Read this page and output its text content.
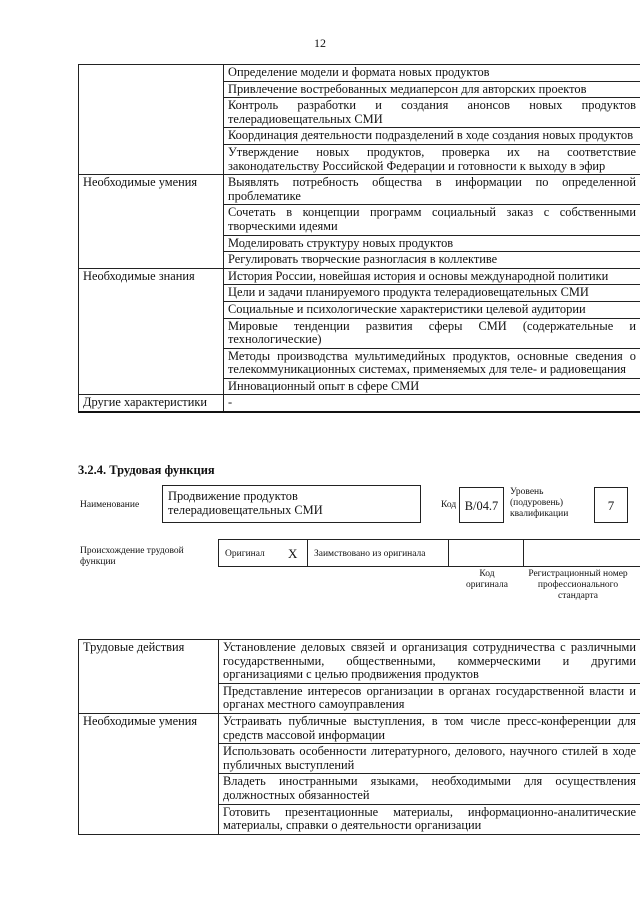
12
	Определение модели и формата новых продуктов
	Привлечение востребованных медиаперсон для авторских проектов
	Контроль разработки и создания анонсов новых продуктов телерадиовещательных СМИ
	Координация деятельности подразделений в ходе создания новых продуктов
	Утверждение новых продуктов, проверка их на соответствие законодательству Российской Федерации и готовности к выходу в эфир
Необходимые умения	Выявлять потребность общества в информации по определенной проблематике
	Сочетать в концепции программ социальный заказ с собственными творческими идеями
	Моделировать структуру новых продуктов
	Регулировать творческие разногласия в коллективе
Необходимые знания	История России, новейшая история и основы международной политики
	Цели и задачи планируемого продукта телерадиовещательных СМИ
	Социальные и психологические характеристики целевой аудитории
	Мировые тенденции развития сферы СМИ (содержательные и технологические)
	Методы производства мультимедийных продуктов, основные сведения о телекоммуникационных системах, применяемых для теле- и радиовещания
	Инновационный опыт в сфере СМИ
Другие характеристики	-
3.2.4. Трудовая функция
Наименование
Продвижение продуктов телерадиовещательных СМИ	Код B/04.7
Уровень (подуровень) квалификации
7
Происхождение трудовой функции
Оригинал X Заимствовано из оригинала
Код оригинала
Регистрационный номер профессионального стандарта
Трудовые действия	Установление деловых связей и организация сотрудничества с различными государственными, общественными, коммерческими и другими организациями с целью продвижения продуктов
	Представление интересов организации в органах государственной власти и органах местного самоуправления
Необходимые умения	Устраивать публичные выступления, в том числе пресс-конференции для средств массовой информации
	Использовать особенности литературного, делового, научного стилей в ходе публичных выступлений
	Владеть иностранными языками, необходимыми для осуществления должностных обязанностей
	Готовить презентационные материалы, информационно-аналитические материалы, справки о деятельности организации
